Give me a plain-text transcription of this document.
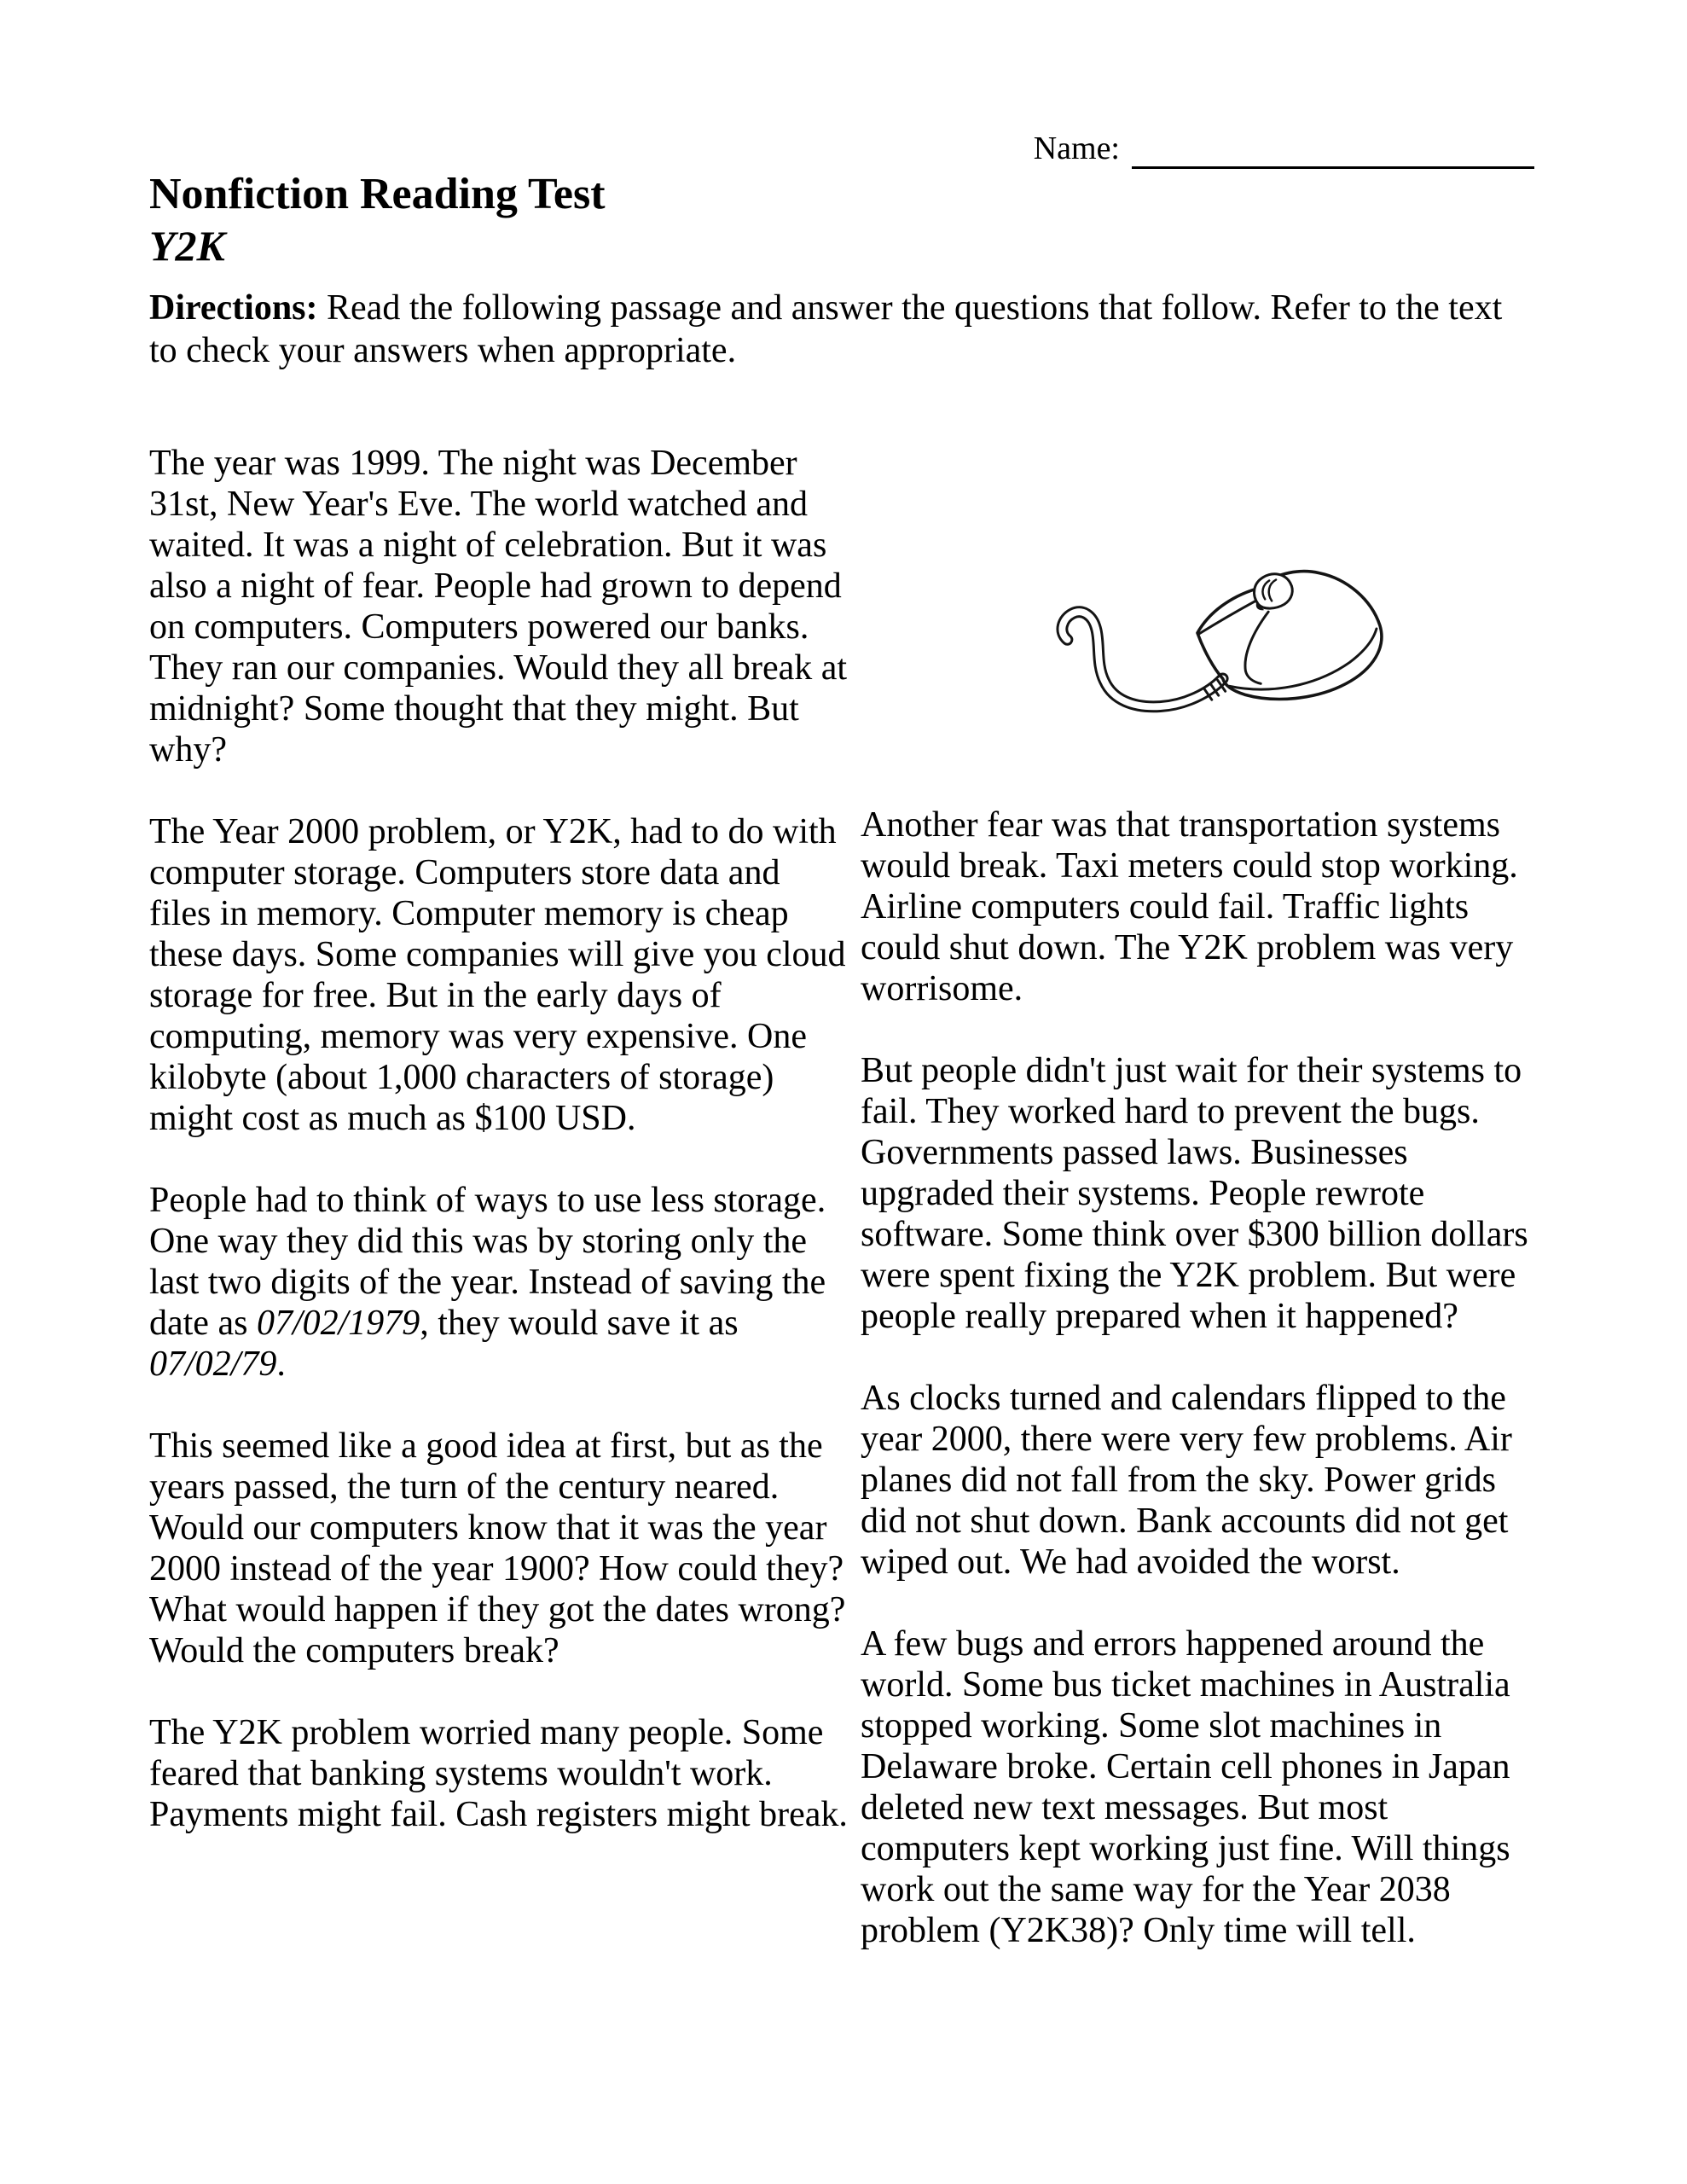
Name:
Nonfiction Reading Test
Y2K

Directions: Read the following passage and answer the questions that follow. Refer to the text to check your answers when appropriate.

The year was 1999. The night was December 31st, New Year's Eve. The world watched and waited. It was a night of celebration. But it was also a night of fear. People had grown to depend on computers. Computers powered our banks. They ran our companies. Would they all break at midnight? Some thought that they might. But why?

The Year 2000 problem, or Y2K, had to do with computer storage. Computers store data and files in memory. Computer memory is cheap these days. Some companies will give you cloud storage for free. But in the early days of computing, memory was very expensive. One kilobyte (about 1,000 characters of storage) might cost as much as $100 USD.

People had to think of ways to use less storage. One way they did this was by storing only the last two digits of the year. Instead of saving the date as 07/02/1979, they would save it as 07/02/79.

This seemed like a good idea at first, but as the years passed, the turn of the century neared. Would our computers know that it was the year 2000 instead of the year 1900? How could they? What would happen if they got the dates wrong? Would the computers break?

The Y2K problem worried many people. Some feared that banking systems wouldn't work. Payments might fail. Cash registers might break.

Another fear was that transportation systems would break. Taxi meters could stop working. Airline computers could fail. Traffic lights could shut down. The Y2K problem was very worrisome.

But people didn't just wait for their systems to fail. They worked hard to prevent the bugs. Governments passed laws. Businesses upgraded their systems. People rewrote software. Some think over $300 billion dollars were spent fixing the Y2K problem. But were people really prepared when it happened?

As clocks turned and calendars flipped to the year 2000, there were very few problems. Air planes did not fall from the sky. Power grids did not shut down. Bank accounts did not get wiped out. We had avoided the worst.

A few bugs and errors happened around the world. Some bus ticket machines in Australia stopped working. Some slot machines in Delaware broke. Certain cell phones in Japan deleted new text messages. But most computers kept working just fine. Will things work out the same way for the Year 2038 problem (Y2K38)? Only time will tell.
